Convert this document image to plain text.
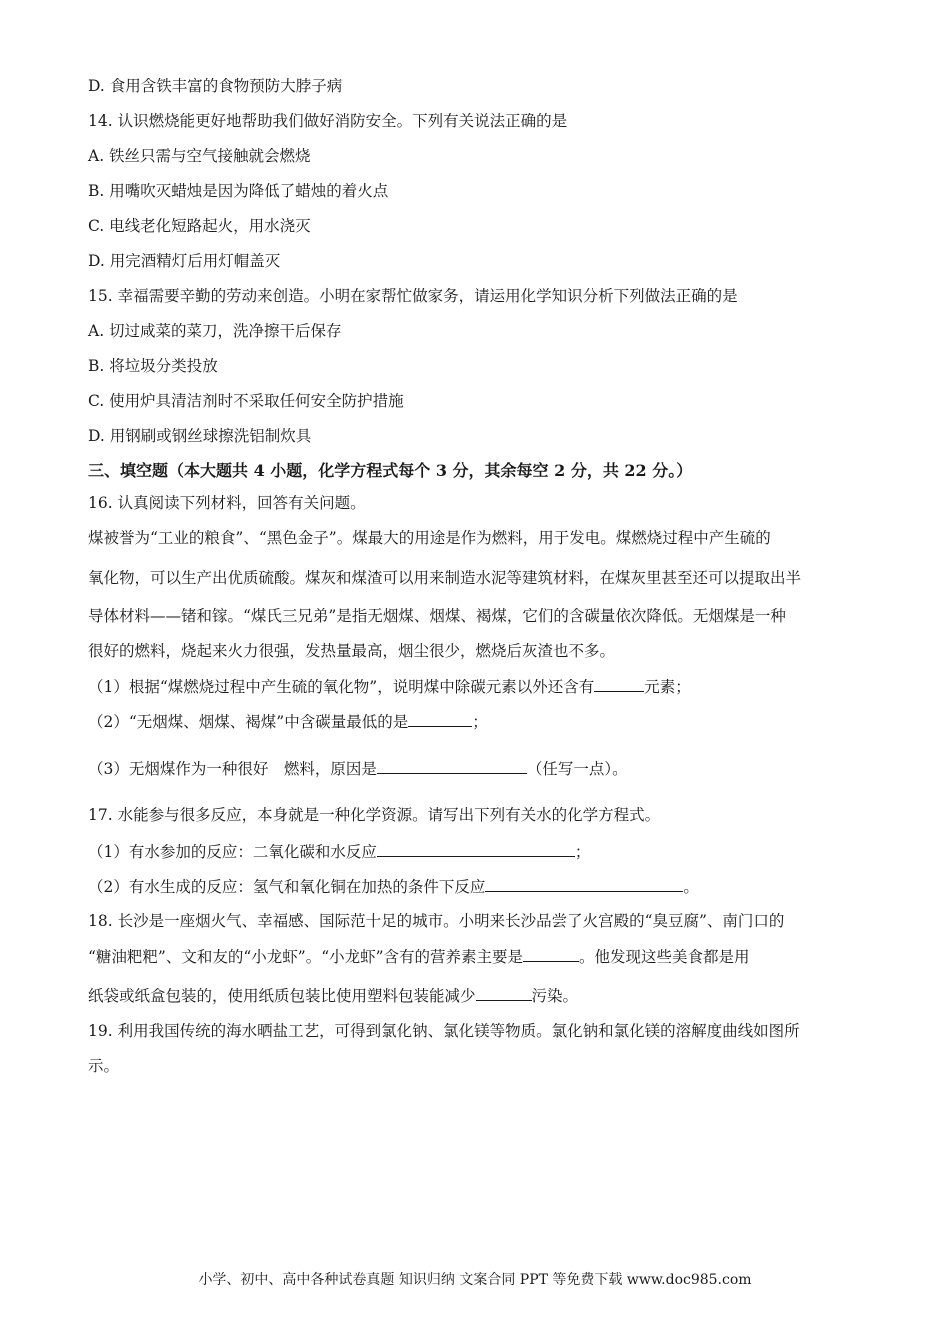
D. 食用含铁丰富的食物预防大脖子病
14. 认识燃烧能更好地帮助我们做好消防安全。下列有关说法正确的是
A. 铁丝只需与空气接触就会燃烧
B. 用嘴吹灭蜡烛是因为降低了蜡烛的着火点
C. 电线老化短路起火，用水浇灭
D. 用完酒精灯后用灯帽盖灭
15. 幸福需要辛勤的劳动来创造。小明在家帮忙做家务，请运用化学知识分析下列做法正确的是
A. 切过咸菜的菜刀，洗净擦干后保存
B. 将垃圾分类投放
C. 使用炉具清洁剂时不采取任何安全防护措施
D. 用钢刷或钢丝球擦洗铝制炊具
三、填空题（本大题共 4 小题，化学方程式每个 3 分，其余每空 2 分，共 22 分。）
16. 认真阅读下列材料，回答有关问题。
煤被誉为“工业的粮食”、“黑色金子”。煤最大的用途是作为燃料，用于发电。煤燃烧过程中产生硫的
氧化物，可以生产出优质硫酸。煤灰和煤渣可以用来制造水泥等建筑材料，在煤灰里甚至还可以提取出半
导体材料——锗和镓。“煤氏三兄弟”是指无烟煤、烟煤、褐煤，它们的含碳量依次降低。无烟煤是一种
很好的燃料，烧起来火力很强，发热量最高，烟尘很少，燃烧后灰渣也不多。
（1）根据“煤燃烧过程中产生硫的氧化物”，说明煤中除碳元素以外还含有	元素；
（2）“无烟煤、烟煤、褐煤”中含碳量最低的是	；
（3）无烟煤作为一种很好　燃料，原因是	（任写一点）。
17. 水能参与很多反应，本身就是一种化学资源。请写出下列有关水的化学方程式。
（1）有水参加的反应：二氧化碳和水反应	；
（2）有水生成的反应：氢气和氧化铜在加热的条件下反应	。
18. 长沙是一座烟火气、幸福感、国际范十足的城市。小明来长沙品尝了火宫殿的“臭豆腐”、南门口的
“糖油粑粑”、文和友的“小龙虾”。“小龙虾”含有的营养素主要是	。他发现这些美食都是用
纸袋或纸盒包装的，使用纸质包装比使用塑料包装能减少	污染。
19. 利用我国传统的海水晒盐工艺，可得到氯化钠、氯化镁等物质。氯化钠和氯化镁的溶解度曲线如图所
示。
小学、初中、高中各种试卷真题 知识归纳 文案合同 PPT 等免费下载 www.doc985.com
